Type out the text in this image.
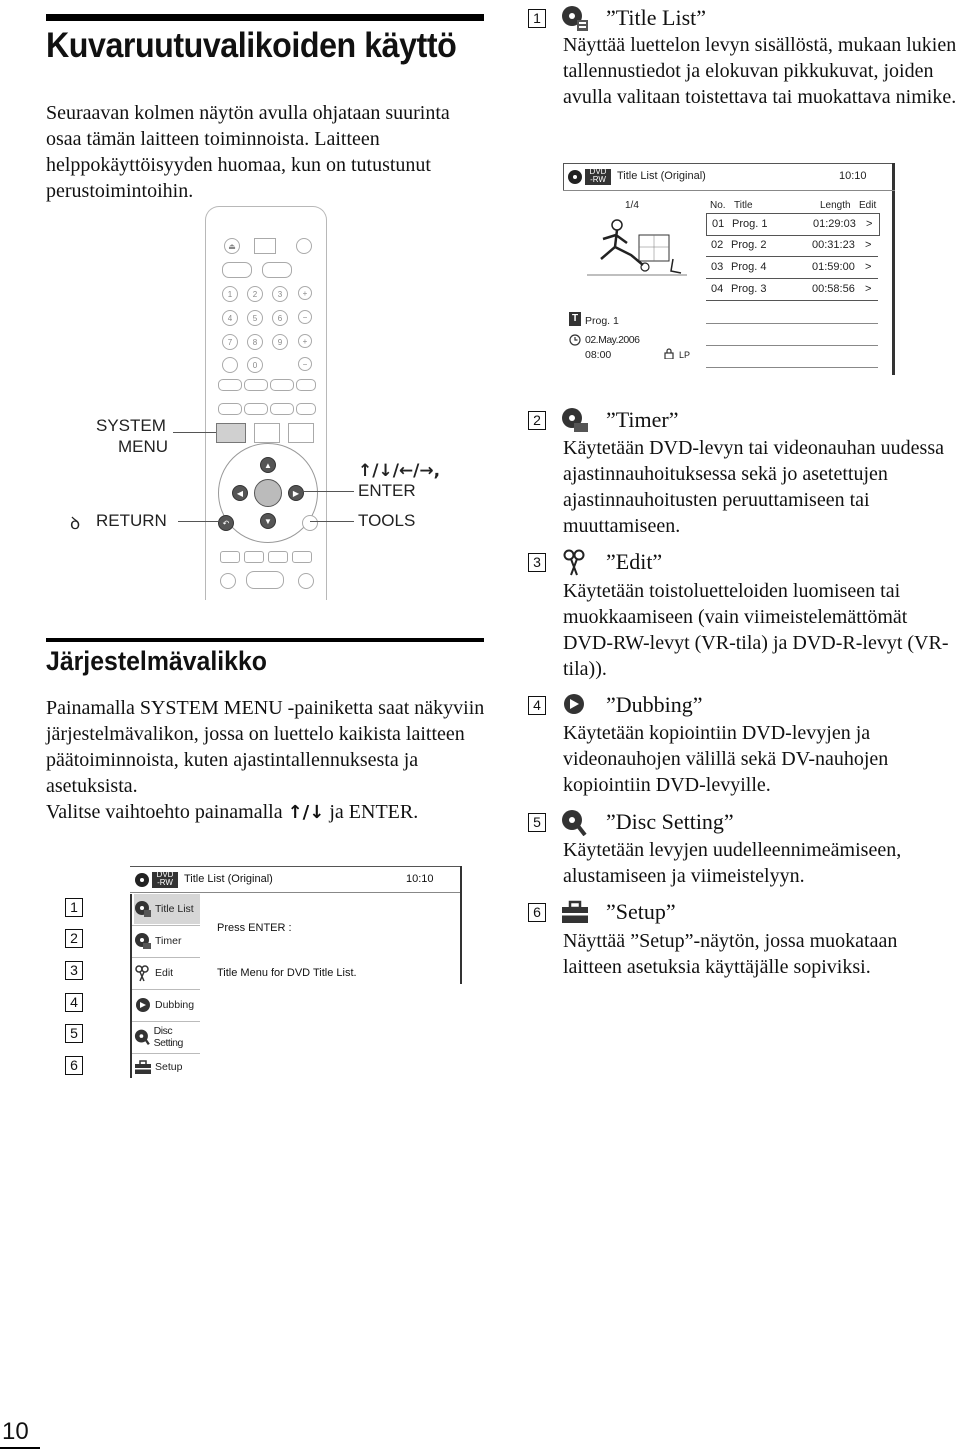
Kuvaruutuvalikoiden käyttö
Seuraavan kolmen näytön avulla ohjataan suurinta osaa tämän laitteen toiminnoista. Laitteen helppokäyttöisyyden huomaa, kun on tutustunut perustoimintoihin.
⏏
1	2	3	+
4	5	6	−
7	8	9	+
0	−
▲
▼
◀	▶
↶
SYSTEM
MENU
ꝺ RETURN
↑/↓/←/→,
ENTER
TOOLS
Järjestelmävalikko
Painamalla SYSTEM MENU -painiketta saat näkyviin järjestelmävalikon, jossa on luettelo kaikista laitteen päätoiminnoista, kuten ajastintallennuksesta ja asetuksista.
Valitse vaihtoehto painamalla ↑/↓ ja ENTER.
1
2
3
4
5
6
DVD
-RW	Title List (Original)	10:10
Title List
Timer
Edit
Dubbing
Disc Setting
Setup
Press ENTER :
Title Menu for DVD Title List.
1	”Title List”
Näyttää luettelon levyn sisällöstä, mukaan lukien tallennustiedot ja elokuvan pikkukuvat, joiden avulla valitaan toistettava tai muokattava nimike.
DVD
-RW	Title List (Original)	10:10
1/4	No. Title	Length Edit
01 Prog. 1	01:29:03 >
02 Prog. 2	00:31:23 >
03 Prog. 4	01:59:00 >
04 Prog. 3	00:58:56 >
T Prog. 1
02.May.2006
08:00	LP
2	”Timer”
Käytetään DVD-levyn tai videonauhan uudessa ajastinnauhoituksessa sekä jo asetettujen ajastinnauhoitusten peruuttamiseen tai muuttamiseen.
3	”Edit”
Käytetään toistoluetteloiden luomiseen tai muokkaamiseen (vain viimeistelemättömät DVD-RW-levyt (VR-tila) ja DVD-R-levyt (VR-tila)).
4	”Dubbing”
Käytetään kopiointiin DVD-levyjen ja videonauhojen välillä sekä DV-nauhojen kopiointiin DVD-levyille.
5	”Disc Setting”
Käytetään levyjen uudelleennimeämiseen, alustamiseen ja viimeistelyyn.
6	”Setup”
Näyttää ”Setup”-näytön, jossa muokataan laitteen asetuksia käyttäjälle sopiviksi.
10
